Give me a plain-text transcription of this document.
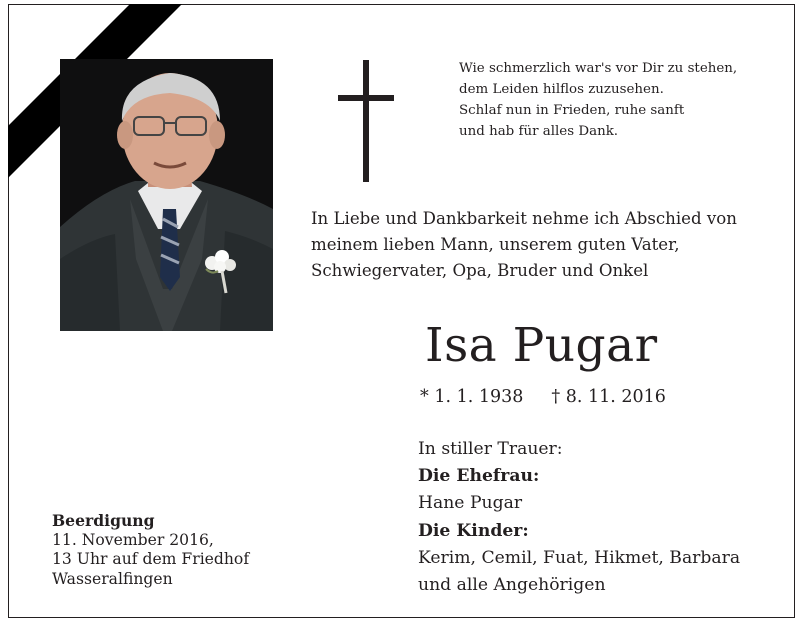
Wie schmerzlich war's vor Dir zu stehen,
dem Leiden hilflos zuzusehen.
Schlaf nun in Frieden, ruhe sanft
und hab für alles Dank.
In Liebe und Dankbarkeit nehme ich Abschied von
meinem lieben Mann, unserem guten Vater,
Schwiegervater, Opa, Bruder und Onkel
Isa Pugar
* 1. 1. 1938 † 8. 11. 2016
In stiller Trauer:
Die Ehefrau:
Hane Pugar
Die Kinder:
Kerim, Cemil, Fuat, Hikmet, Barbara
und alle Angehörigen
Beerdigung
11. November 2016,
13 Uhr auf dem Friedhof
Wasseralfingen
